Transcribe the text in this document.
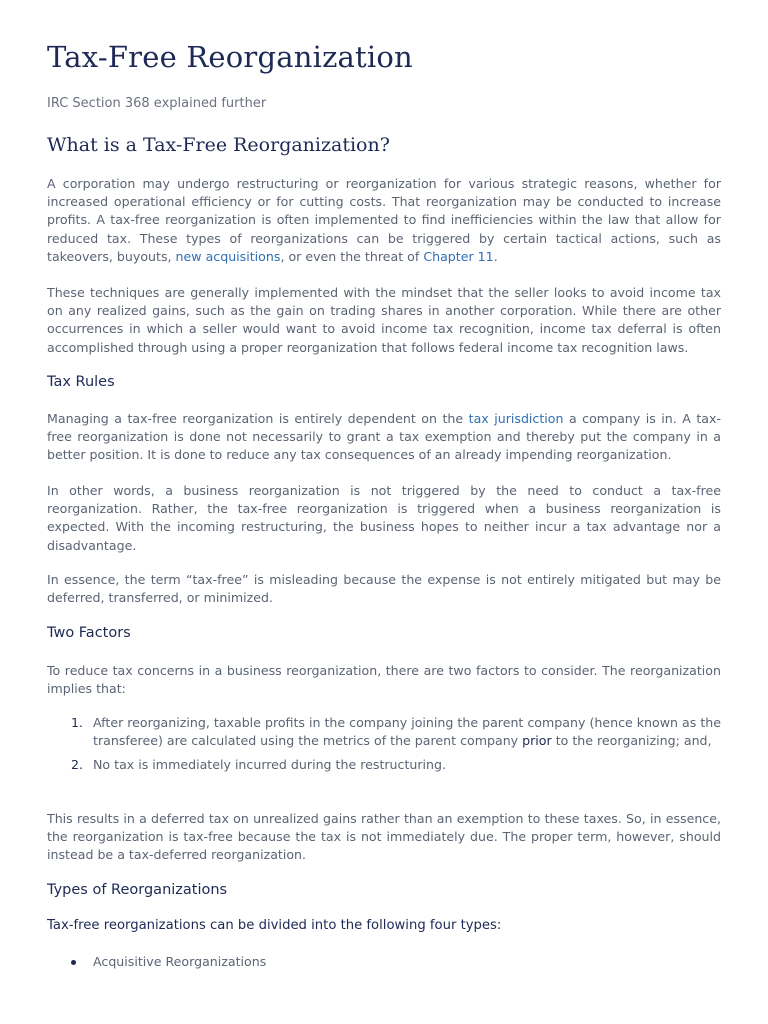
Tax-Free Reorganization
IRC Section 368 explained further
What is a Tax-Free Reorganization?

A corporation may undergo restructuring or reorganization for various strategic reasons, whether for increased operational efficiency or for cutting costs. That reorganization may be conducted to increase profits. A tax-free reorganization is often implemented to find inefficiencies within the law that allow for reduced tax. These types of reorganizations can be triggered by certain tactical actions, such as takeovers, buyouts, new acquisitions, or even the threat of Chapter 11.

These techniques are generally implemented with the mindset that the seller looks to avoid income tax on any realized gains, such as the gain on trading shares in another corporation. While there are other occurrences in which a seller would want to avoid income tax recognition, income tax deferral is often accomplished through using a proper reorganization that follows federal income tax recognition laws.

Tax Rules

Managing a tax-free reorganization is entirely dependent on the tax jurisdiction a company is in. A tax-free reorganization is done not necessarily to grant a tax exemption and thereby put the company in a better position. It is done to reduce any tax consequences of an already impending reorganization.

In other words, a business reorganization is not triggered by the need to conduct a tax-free reorganization. Rather, the tax-free reorganization is triggered when a business reorganization is expected. With the incoming restructuring, the business hopes to neither incur a tax advantage nor a disadvantage.

In essence, the term “tax-free” is misleading because the expense is not entirely mitigated but may be deferred, transferred, or minimized.

Two Factors

To reduce tax concerns in a business reorganization, there are two factors to consider. The reorganization implies that:

1. After reorganizing, taxable profits in the company joining the parent company (hence known as the transferee) are calculated using the metrics of the parent company prior to the reorganizing; and,
2. No tax is immediately incurred during the restructuring.

This results in a deferred tax on unrealized gains rather than an exemption to these taxes. So, in essence, the reorganization is tax-free because the tax is not immediately due. The proper term, however, should instead be a tax-deferred reorganization.

Types of Reorganizations
Tax-free reorganizations can be divided into the following four types:
Acquisitive Reorganizations
